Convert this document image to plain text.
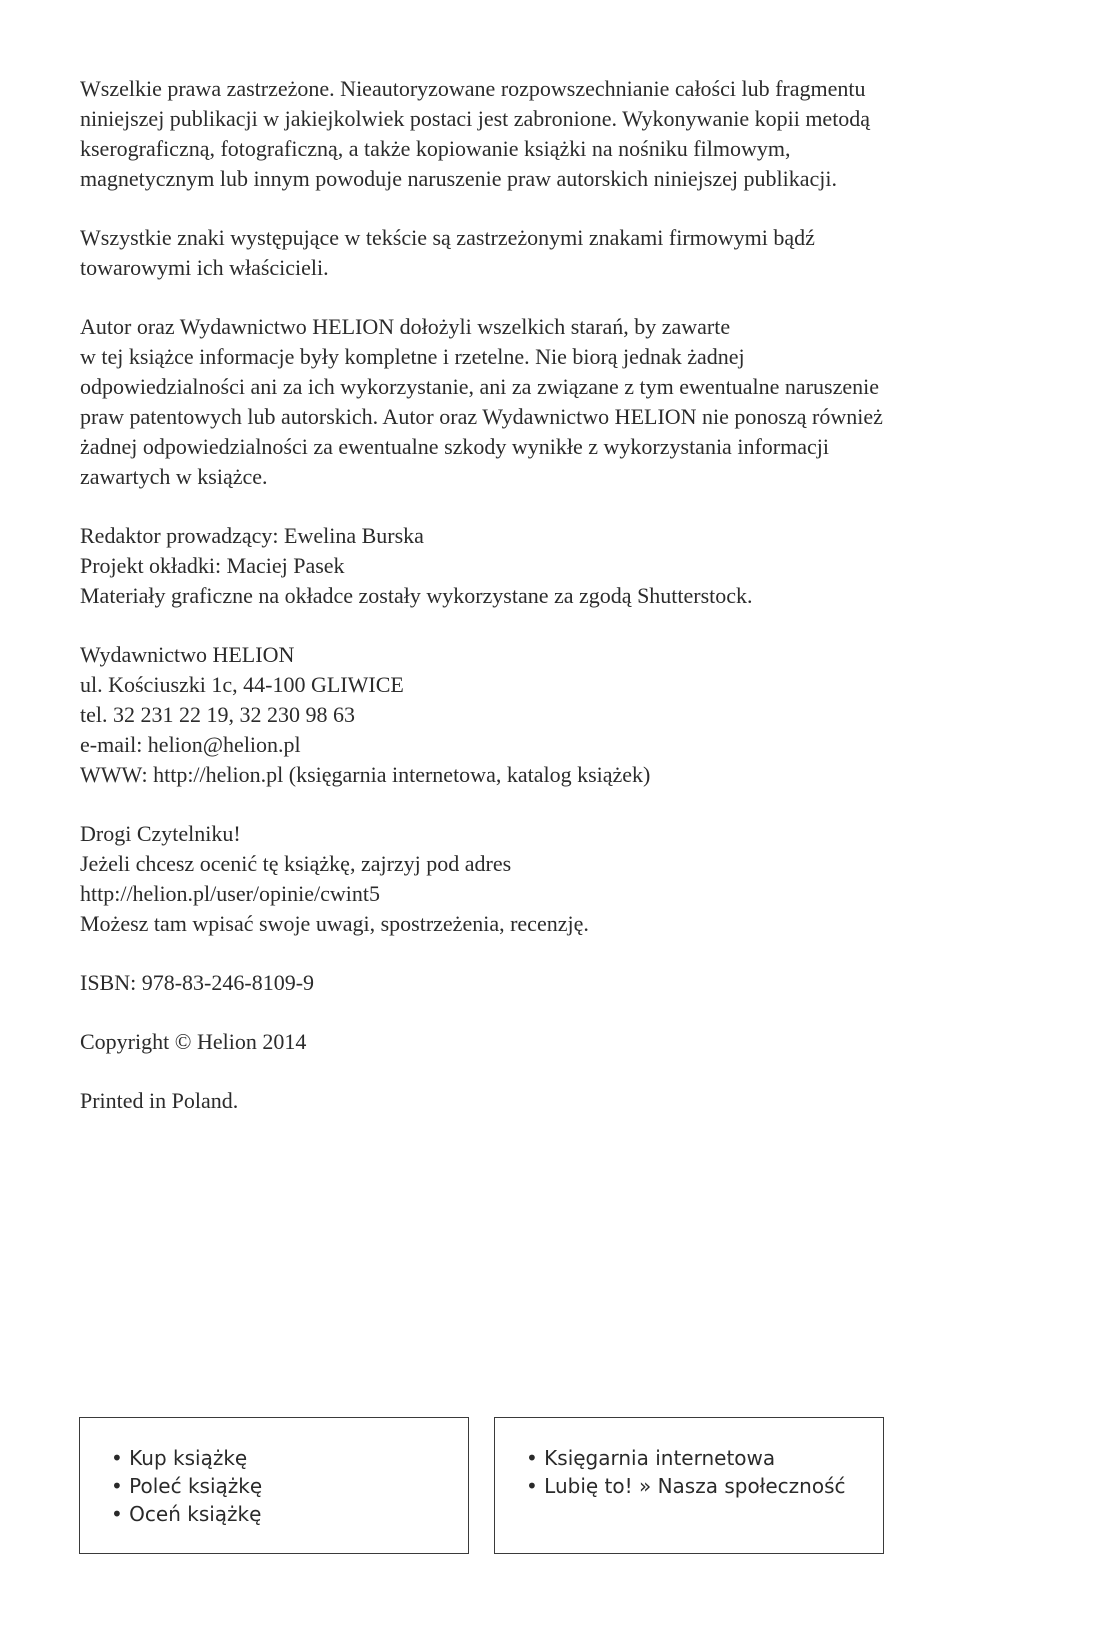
Wszelkie prawa zastrzeżone. Nieautoryzowane rozpowszechnianie całości lub fragmentu
niniejszej publikacji w jakiejkolwiek postaci jest zabronione. Wykonywanie kopii metodą
kserograficzną, fotograficzną, a także kopiowanie książki na nośniku filmowym,
magnetycznym lub innym powoduje naruszenie praw autorskich niniejszej publikacji.
Wszystkie znaki występujące w tekście są zastrzeżonymi znakami firmowymi bądź
towarowymi ich właścicieli.
Autor oraz Wydawnictwo HELION dołożyli wszelkich starań, by zawarte
w tej książce informacje były kompletne i rzetelne. Nie biorą jednak żadnej
odpowiedzialności ani za ich wykorzystanie, ani za związane z tym ewentualne naruszenie
praw patentowych lub autorskich. Autor oraz Wydawnictwo HELION nie ponoszą również
żadnej odpowiedzialności za ewentualne szkody wynikłe z wykorzystania informacji
zawartych w książce.
Redaktor prowadzący: Ewelina Burska
Projekt okładki: Maciej Pasek
Materiały graficzne na okładce zostały wykorzystane za zgodą Shutterstock.
Wydawnictwo HELION
ul. Kościuszki 1c, 44-100 GLIWICE
tel. 32 231 22 19, 32 230 98 63
e-mail: helion@helion.pl
WWW: http://helion.pl (księgarnia internetowa, katalog książek)
Drogi Czytelniku!
Jeżeli chcesz ocenić tę książkę, zajrzyj pod adres
http://helion.pl/user/opinie/cwint5
Możesz tam wpisać swoje uwagi, spostrzeżenia, recenzję.
ISBN: 978-83-246-8109-9
Copyright © Helion 2014
Printed in Poland.
• Kup książkę
• Poleć książkę
• Oceń książkę
• Księgarnia internetowa
• Lubię to! » Nasza społeczność
